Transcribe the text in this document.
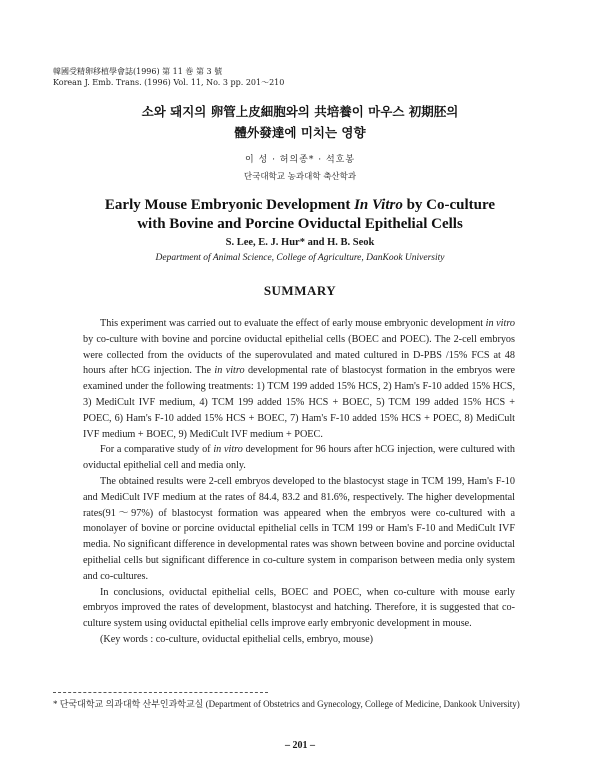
韓國受精卵移植學會誌(1996) 第 11 巻 第 3 號
Korean J. Emb. Trans. (1996) Vol. 11, No. 3 pp. 201～210
소와 돼지의 卵管上皮細胞와의 共培養이 마우스 初期胚의
體外發達에 미치는 영향
이 성 · 허의종* · 석호봉
단국대학교 농과대학 축산학과
Early Mouse Embryonic Development In Vitro by Co-culture
with Bovine and Porcine Oviductal Epithelial Cells
S. Lee, E. J. Hur* and H. B. Seok
Department of Animal Science, College of Agriculture, DanKook University
SUMMARY

This experiment was carried out to evaluate the effect of early mouse embryonic development in vitro by co-culture with bovine and porcine oviductal epithelial cells (BOEC and POEC). The 2-cell embryos were collected from the oviducts of the superovulated and mated cultured in D-PBS /15% FCS at 48 hours after hCG injection. The in vitro developmental rate of blastocyst formation in the embryos were examined under the following treatments: 1) TCM 199 added 15% HCS, 2) Ham's F-10 added 15% HCS, 3) MediCult IVF medium, 4) TCM 199 added 15% HCS + BOEC, 5) TCM 199 added 15% HCS + POEC, 6) Ham's F-10 added 15% HCS + BOEC, 7) Ham's F-10 added 15% HCS + POEC, 8) MediCult IVF medium + BOEC, 9) MediCult IVF medium + POEC.

For a comparative study of in vitro development for 96 hours after hCG injection, were cultured with oviductal epithelial cell and media only.

The obtained results were 2-cell embryos developed to the blastocyst stage in TCM 199, Ham's F-10 and MediCult IVF medium at the rates of 84.4, 83.2 and 81.6%, respectively. The higher developmental rates(91～97%) of blastocyst formation was appeared when the embryos were co-cultured with a monolayer of bovine or porcine oviductal epithelial cells in TCM 199 or Ham's F-10 and MediCult IVF media. No significant difference in developmental rates was shown between bovine and porcine oviductal epithelial cells but significant difference in co-culture system in comparison between media only system and co-cultures.

In conclusions, oviductal epithelial cells, BOEC and POEC, when co-culture with mouse early embryos improved the rates of development, blastocyst and hatching. Therefore, it is suggested that co-culture system using oviductal epithelial cells improve early embryonic development in mouse.

(Key words : co-culture, oviductal epithelial cells, embryo, mouse)

* 단국대학교 의과대학 산부인과학교실 (Department of Obstetrics and Gynecology, College of Medicine, Dankook University)
– 201 –
